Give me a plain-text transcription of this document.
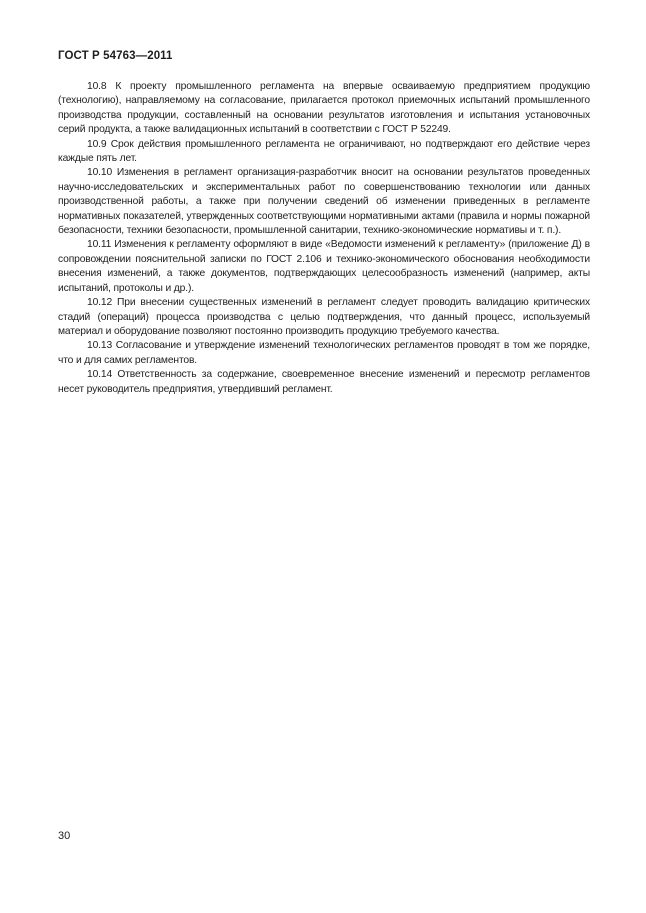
ГОСТ Р 54763—2011

10.8 К проекту промышленного регламента на впервые осваиваемую предприятием продукцию (технологию), направляемому на согласование, прилагается протокол приемочных испытаний промышленного производства продукции, составленный на основании результатов изготовления и испытания установочных серий продукта, а также валидационных испытаний в соответствии с ГОСТ Р 52249.

10.9 Срок действия промышленного регламента не ограничивают, но подтверждают его действие через каждые пять лет.

10.10 Изменения в регламент организация-разработчик вносит на основании результатов проведенных научно-исследовательских и экспериментальных работ по совершенствованию технологии или данных производственной работы, а также при получении сведений об изменении приведенных в регламенте нормативных показателей, утвержденных соответствующими нормативными актами (правила и нормы пожарной безопасности, техники безопасности, промышленной санитарии, технико-экономические нормативы и т. п.).

10.11 Изменения к регламенту оформляют в виде «Ведомости изменений к регламенту» (приложение Д) в сопровождении пояснительной записки по ГОСТ 2.106 и технико-экономического обоснования необходимости внесения изменений, а также документов, подтверждающих целесообразность изменений (например, акты испытаний, протоколы и др.).

10.12 При внесении существенных изменений в регламент следует проводить валидацию критических стадий (операций) процесса производства с целью подтверждения, что данный процесс, используемый материал и оборудование позволяют постоянно производить продукцию требуемого качества.

10.13 Согласование и утверждение изменений технологических регламентов проводят в том же порядке, что и для самих регламентов.

10.14 Ответственность за содержание, своевременное внесение изменений и пересмотр регламентов несет руководитель предприятия, утвердивший регламент.

30
